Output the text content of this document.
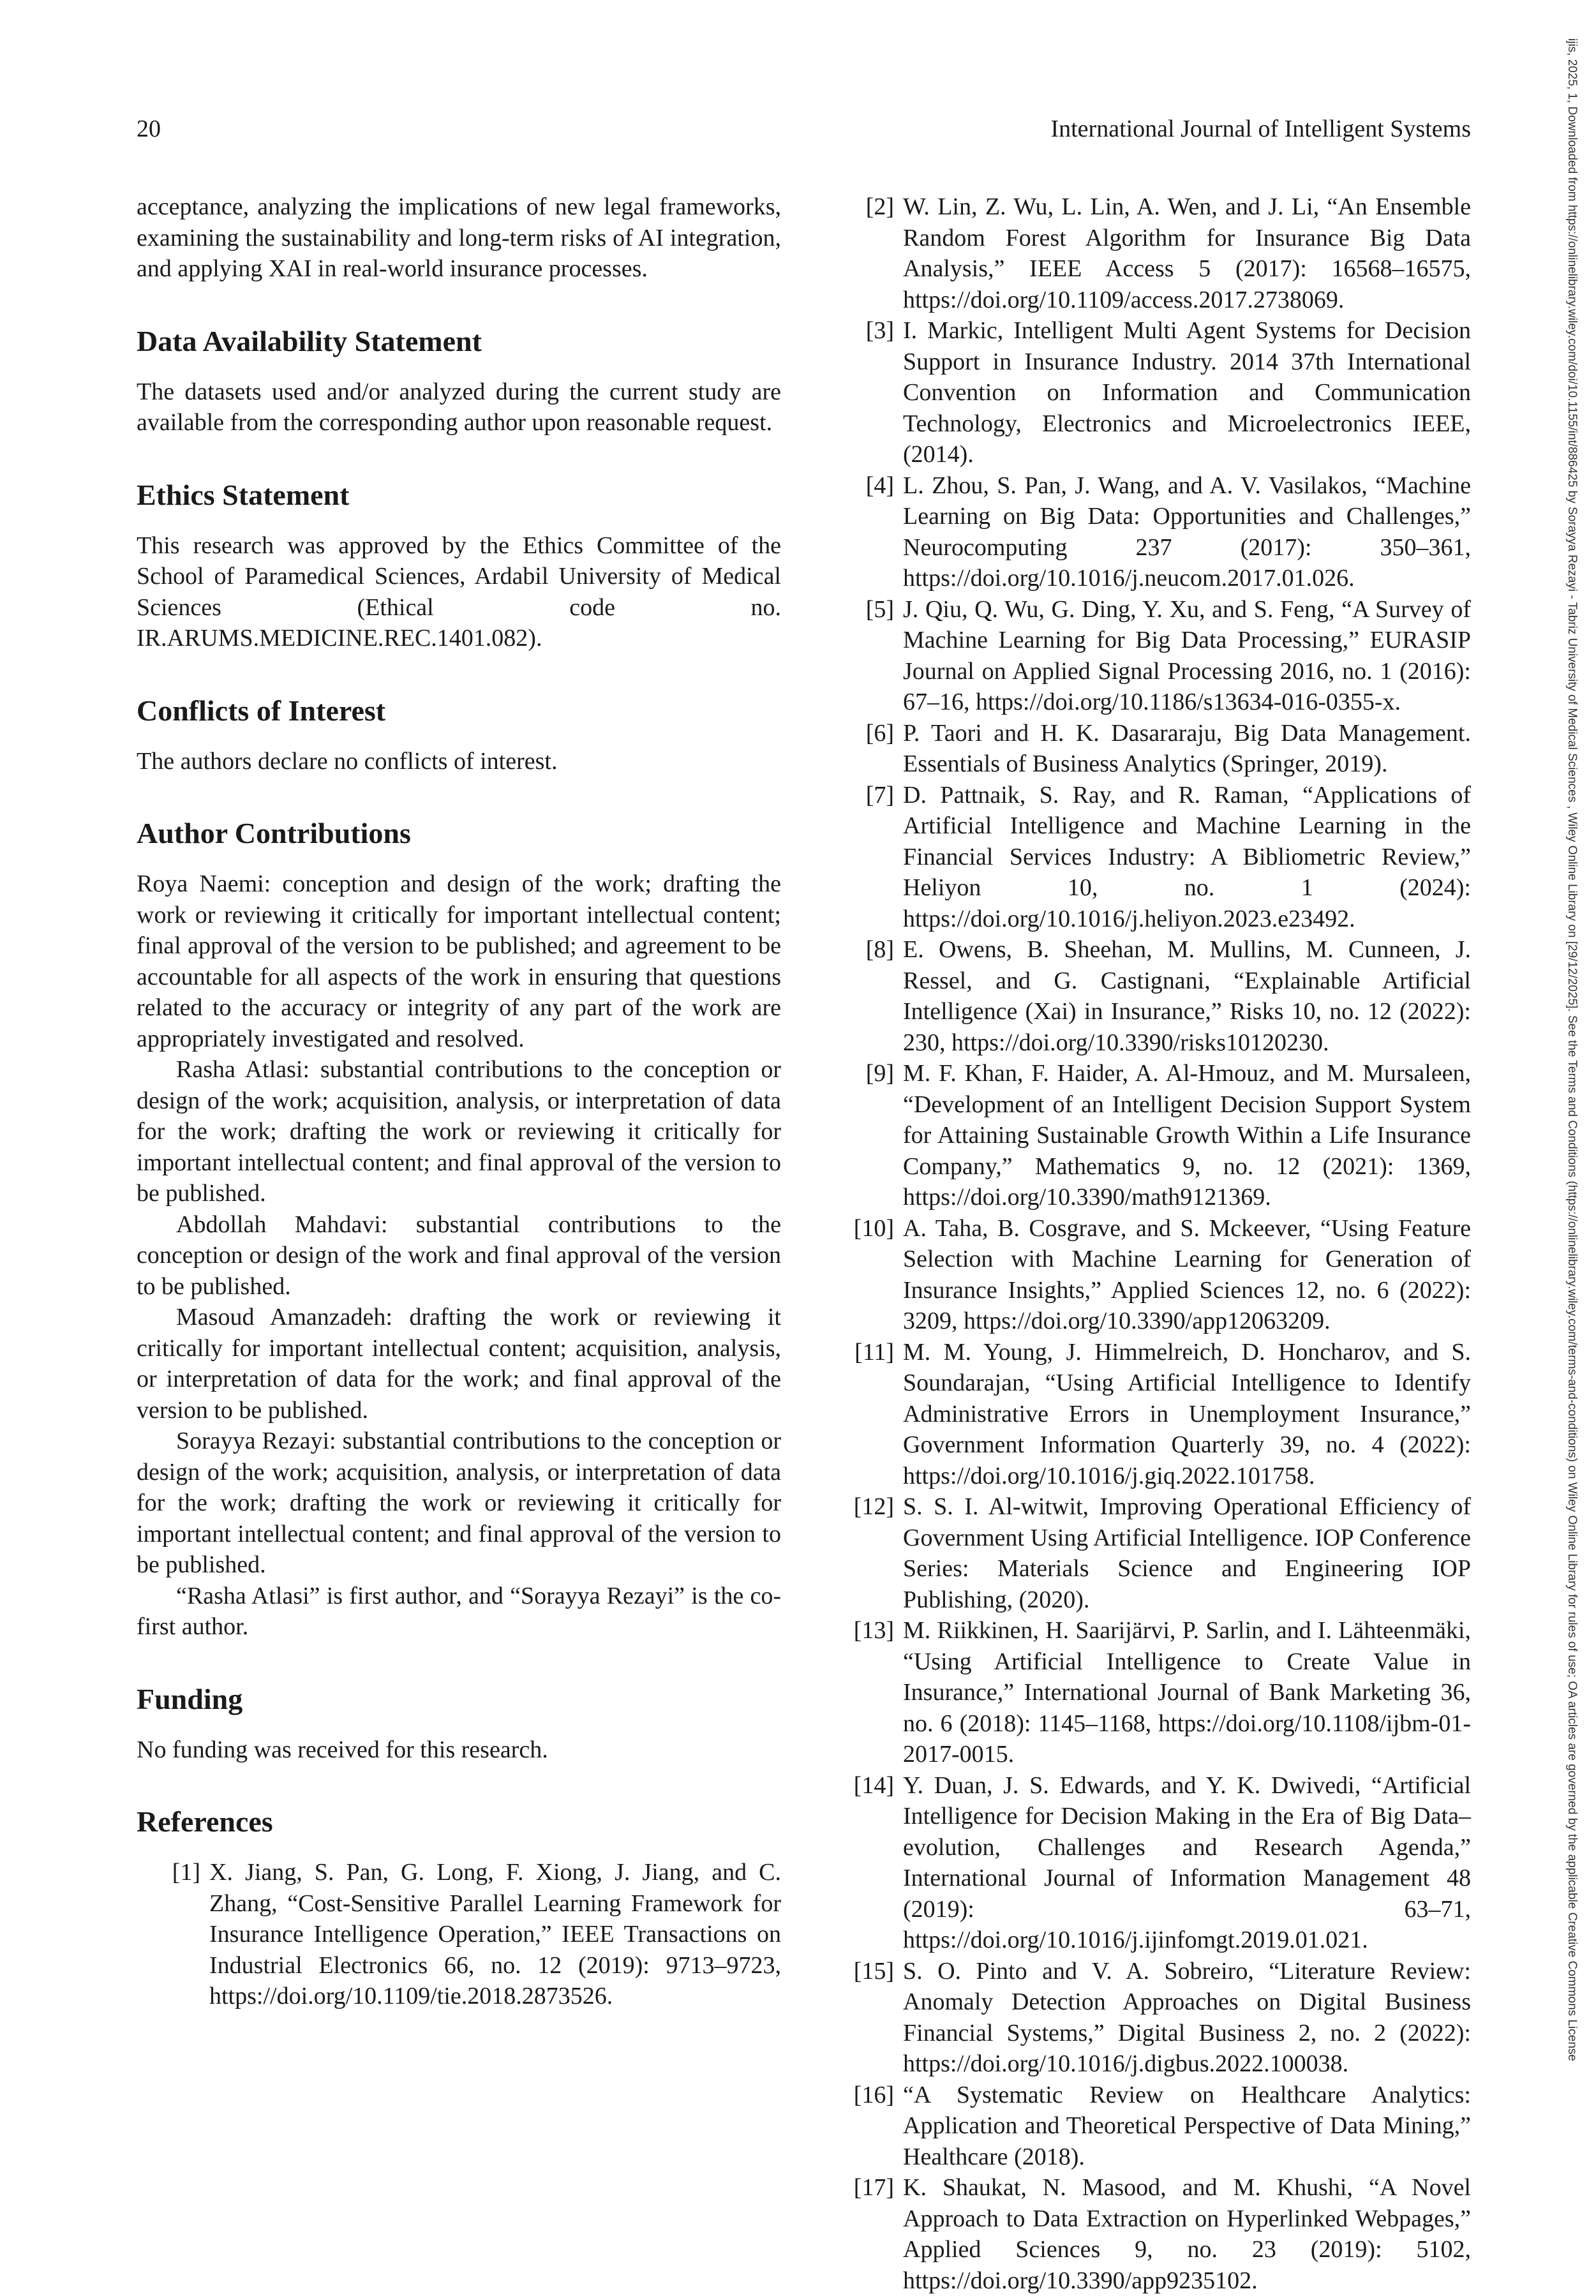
20	International Journal of Intelligent Systems	ijis, 2025, 1, Downloaded from https://onlinelibrary.wiley.com/doi/10.1155/int/886425 by Sorayya Rezayi - Tabriz University of Medical Sciences , Wiley Online Library on [29/12/2025]. See the Terms and Conditions (https://onlinelibrary.wiley.com/terms-and-conditions) on Wiley Online Library for rules of use; OA articles are governed by the applicable Creative Commons License

acceptance, analyzing the implications of new legal frameworks, examining the sustainability and long-term risks of AI integration, and applying XAI in real-world insurance processes.

Data Availability Statement

The datasets used and/or analyzed during the current study are available from the corresponding author upon reasonable request.

Ethics Statement

This research was approved by the Ethics Committee of the School of Paramedical Sciences, Ardabil University of Medical Sciences (Ethical code no. IR.ARUMS.MEDICINE.REC.1401.082).

Conflicts of Interest

The authors declare no conflicts of interest.

Author Contributions

Roya Naemi: conception and design of the work; drafting the work or reviewing it critically for important intellectual content; final approval of the version to be published; and agreement to be accountable for all aspects of the work in ensuring that questions related to the accuracy or integrity of any part of the work are appropriately investigated and resolved.

Rasha Atlasi: substantial contributions to the conception or design of the work; acquisition, analysis, or interpretation of data for the work; drafting the work or reviewing it critically for important intellectual content; and final approval of the version to be published.

Abdollah Mahdavi: substantial contributions to the conception or design of the work and final approval of the version to be published.

Masoud Amanzadeh: drafting the work or reviewing it critically for important intellectual content; acquisition, analysis, or interpretation of data for the work; and final approval of the version to be published.

Sorayya Rezayi: substantial contributions to the conception or design of the work; acquisition, analysis, or interpretation of data for the work; drafting the work or reviewing it critically for important intellectual content; and final approval of the version to be published.

“Rasha Atlasi” is first author, and “Sorayya Rezayi” is the co-first author.

Funding

No funding was received for this research.

References
[1] X. Jiang, S. Pan, G. Long, F. Xiong, J. Jiang, and C. Zhang, “Cost-Sensitive Parallel Learning Framework for Insurance Intelligence Operation,” IEEE Transactions on Industrial Electronics 66, no. 12 (2019): 9713–9723, https://doi.org/10.1109/tie.2018.2873526.
[2] W. Lin, Z. Wu, L. Lin, A. Wen, and J. Li, “An Ensemble Random Forest Algorithm for Insurance Big Data Analysis,” IEEE Access 5 (2017): 16568–16575, https://doi.org/10.1109/access.2017.2738069.
[3] I. Markic, Intelligent Multi Agent Systems for Decision Support in Insurance Industry. 2014 37th International Convention on Information and Communication Technology, Electronics and Microelectronics IEEE, (2014).
[4] L. Zhou, S. Pan, J. Wang, and A. V. Vasilakos, “Machine Learning on Big Data: Opportunities and Challenges,” Neurocomputing 237 (2017): 350–361, https://doi.org/10.1016/j.neucom.2017.01.026.
[5] J. Qiu, Q. Wu, G. Ding, Y. Xu, and S. Feng, “A Survey of Machine Learning for Big Data Processing,” EURASIP Journal on Applied Signal Processing 2016, no. 1 (2016): 67–16, https://doi.org/10.1186/s13634-016-0355-x.
[6] P. Taori and H. K. Dasararaju, Big Data Management. Essentials of Business Analytics (Springer, 2019).
[7] D. Pattnaik, S. Ray, and R. Raman, “Applications of Artificial Intelligence and Machine Learning in the Financial Services Industry: A Bibliometric Review,” Heliyon 10, no. 1 (2024): https://doi.org/10.1016/j.heliyon.2023.e23492.
[8] E. Owens, B. Sheehan, M. Mullins, M. Cunneen, J. Ressel, and G. Castignani, “Explainable Artificial Intelligence (Xai) in Insurance,” Risks 10, no. 12 (2022): 230, https://doi.org/10.3390/risks10120230.
[9] M. F. Khan, F. Haider, A. Al-Hmouz, and M. Mursaleen, “Development of an Intelligent Decision Support System for Attaining Sustainable Growth Within a Life Insurance Company,” Mathematics 9, no. 12 (2021): 1369, https://doi.org/10.3390/math9121369.
[10] A. Taha, B. Cosgrave, and S. Mckeever, “Using Feature Selection with Machine Learning for Generation of Insurance Insights,” Applied Sciences 12, no. 6 (2022): 3209, https://doi.org/10.3390/app12063209.
[11] M. M. Young, J. Himmelreich, D. Honcharov, and S. Soundarajan, “Using Artificial Intelligence to Identify Administrative Errors in Unemployment Insurance,” Government Information Quarterly 39, no. 4 (2022): https://doi.org/10.1016/j.giq.2022.101758.
[12] S. S. I. Al-witwit, Improving Operational Efficiency of Government Using Artificial Intelligence. IOP Conference Series: Materials Science and Engineering IOP Publishing, (2020).
[13] M. Riikkinen, H. Saarijärvi, P. Sarlin, and I. Lähteenmäki, “Using Artificial Intelligence to Create Value in Insurance,” International Journal of Bank Marketing 36, no. 6 (2018): 1145–1168, https://doi.org/10.1108/ijbm-01-2017-0015.
[14] Y. Duan, J. S. Edwards, and Y. K. Dwivedi, “Artificial Intelligence for Decision Making in the Era of Big Data–evolution, Challenges and Research Agenda,” International Journal of Information Management 48 (2019): 63–71, https://doi.org/10.1016/j.ijinfomgt.2019.01.021.
[15] S. O. Pinto and V. A. Sobreiro, “Literature Review: Anomaly Detection Approaches on Digital Business Financial Systems,” Digital Business 2, no. 2 (2022): https://doi.org/10.1016/j.digbus.2022.100038.
[16] “A Systematic Review on Healthcare Analytics: Application and Theoretical Perspective of Data Mining,” Healthcare (2018).
[17] K. Shaukat, N. Masood, and M. Khushi, “A Novel Approach to Data Extraction on Hyperlinked Webpages,” Applied Sciences 9, no. 23 (2019): 5102, https://doi.org/10.3390/app9235102.
